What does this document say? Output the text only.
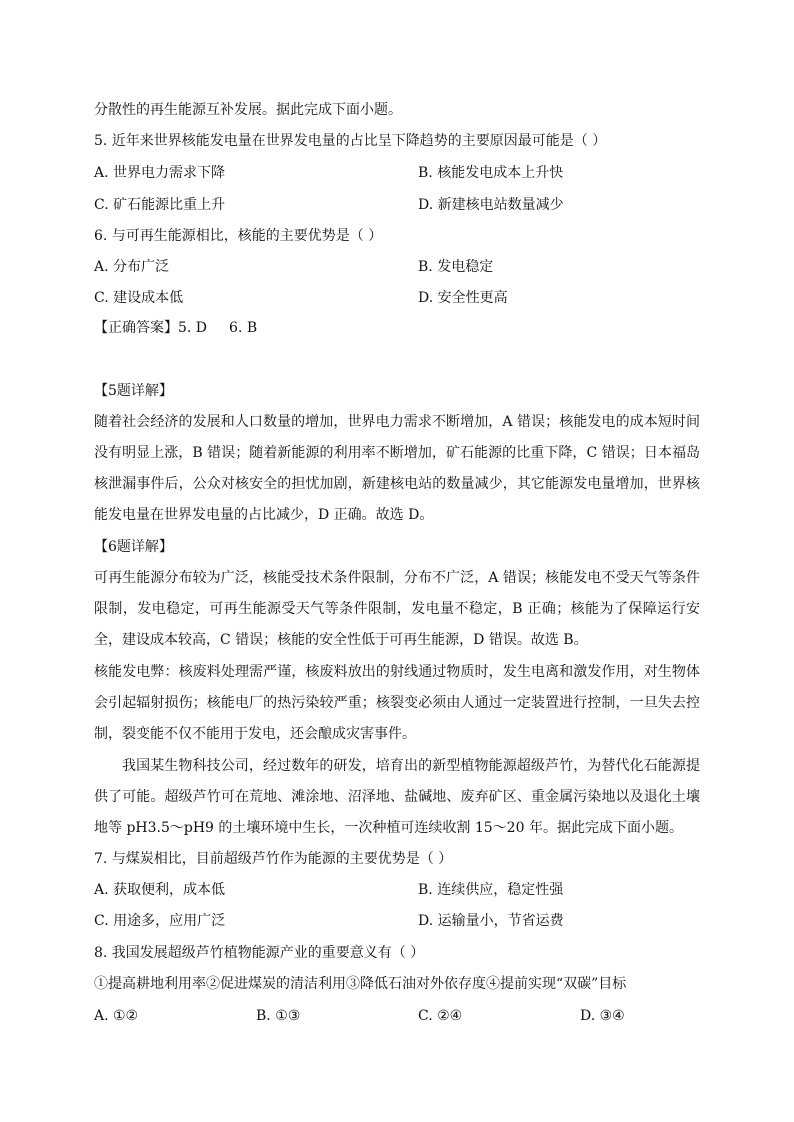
分散性的再生能源互补发展。据此完成下面小题。
5. 近年来世界核能发电量在世界发电量的占比呈下降趋势的主要原因最可能是（ ）
A. 世界电力需求下降	B. 核能发电成本上升快
C. 矿石能源比重上升	D. 新建核电站数量减少
6. 与可再生能源相比，核能的主要优势是（ ）
A. 分布广泛	B. 发电稳定
C. 建设成本低	D. 安全性更高
【正确答案】5. D 6. B
【5题详解】
随着社会经济的发展和人口数量的增加，世界电力需求不断增加，A 错误；核能发电的成本短时间
没有明显上涨，B 错误；随着新能源的利用率不断增加，矿石能源的比重下降，C 错误；日本福岛
核泄漏事件后，公众对核安全的担忧加剧，新建核电站的数量减少，其它能源发电量增加，世界核
能发电量在世界发电量的占比减少，D 正确。故选 D。
【6题详解】
可再生能源分布较为广泛，核能受技术条件限制，分布不广泛，A 错误；核能发电不受天气等条件
限制，发电稳定，可再生能源受天气等条件限制，发电量不稳定，B 正确；核能为了保障运行安
全，建设成本较高，C 错误；核能的安全性低于可再生能源，D 错误。故选 B。
核能发电弊：核废料处理需严谨，核废料放出的射线通过物质时，发生电离和激发作用，对生物体
会引起辐射损伤；核能电厂的热污染较严重；核裂变必须由人通过一定装置进行控制，一旦失去控
制，裂变能不仅不能用于发电，还会酿成灾害事件。
我国某生物科技公司，经过数年的研发，培育出的新型植物能源超级芦竹，为替代化石能源提
供了可能。超级芦竹可在荒地、滩涂地、沼泽地、盐碱地、废弃矿区、重金属污染地以及退化土壤
地等 pH3.5～pH9 的土壤环境中生长，一次种植可连续收割 15～20 年。据此完成下面小题。
7. 与煤炭相比，目前超级芦竹作为能源的主要优势是（ ）
A. 获取便利，成本低	B. 连续供应，稳定性强
C. 用途多，应用广泛	D. 运输量小，节省运费
8. 我国发展超级芦竹植物能源产业的重要意义有（ ）
①提高耕地利用率②促进煤炭的清洁利用③降低石油对外依存度④提前实现“双碳”目标
A. ①②	B. ①③	C. ②④	D. ③④
